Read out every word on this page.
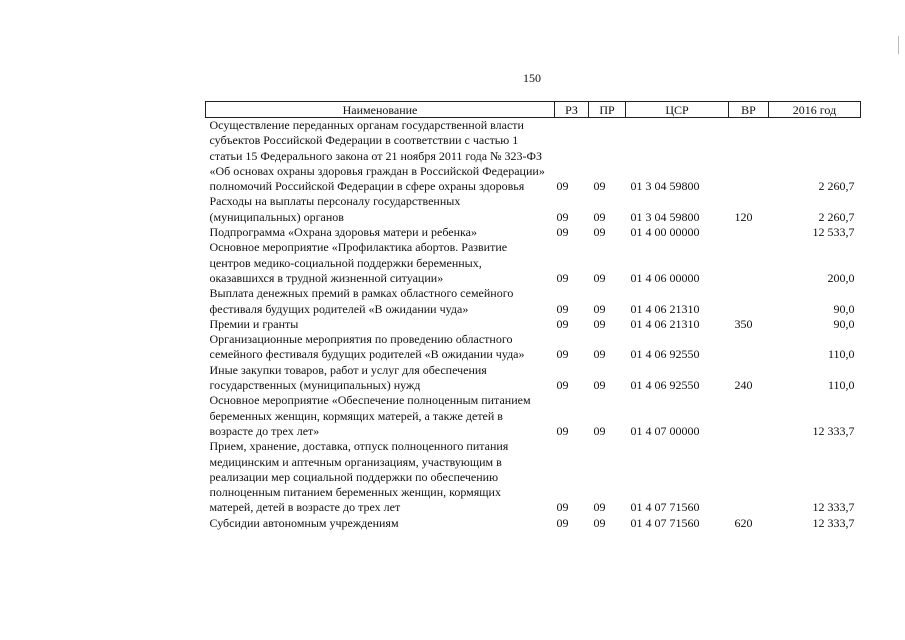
150
Наименование	РЗ	ПР	ЦСР	ВР	2016 год
Осуществление переданных органам государственной власти субъектов Российской Федерации в соответствии с частью 1 статьи 15 Федерального закона от 21 ноября 2011 года № 323-ФЗ «Об основах охраны здоровья граждан в Российской Федерации» полномочий Российской Федерации в сфере охраны здоровья	09	09	01 3 04 59800		2 260,7
Расходы на выплаты персоналу государственных (муниципальных) органов	09	09	01 3 04 59800	120	2 260,7
Подпрограмма «Охрана здоровья матери и ребенка»	09	09	01 4 00 00000		12 533,7
Основное мероприятие «Профилактика абортов. Развитие центров медико-социальной поддержки беременных, оказавшихся в трудной жизненной ситуации»	09	09	01 4 06 00000		200,0
Выплата денежных премий в рамках областного семейного фестиваля будущих родителей «В ожидании чуда»	09	09	01 4 06 21310		90,0
Премии и гранты	09	09	01 4 06 21310	350	90,0
Организационные мероприятия по проведению областного семейного фестиваля будущих родителей «В ожидании чуда»	09	09	01 4 06 92550		110,0
Иные закупки товаров, работ и услуг для обеспечения государственных (муниципальных) нужд	09	09	01 4 06 92550	240	110,0
Основное мероприятие «Обеспечение полноценным питанием беременных женщин, кормящих матерей, а также детей в возрасте до трех лет»	09	09	01 4 07 00000		12 333,7
Прием, хранение, доставка, отпуск полноценного питания медицинским и аптечным организациям, участвующим в реализации мер социальной поддержки по обеспечению полноценным питанием беременных женщин, кормящих матерей, детей в возрасте до трех лет	09	09	01 4 07 71560		12 333,7
Субсидии автономным учреждениям	09	09	01 4 07 71560	620	12 333,7
